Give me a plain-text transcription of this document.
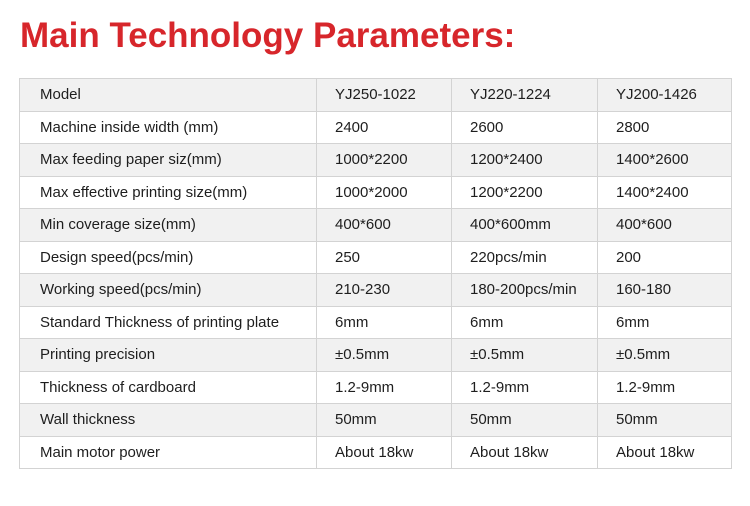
Main Technology Parameters:
Model	YJ250-1022	YJ220-1224	YJ200-1426
Machine inside width (mm)	2400	2600	2800
Max feeding paper siz(mm)	1000*2200	1200*2400	1400*2600
Max effective printing size(mm)	1000*2000	1200*2200	1400*2400
Min coverage size(mm)	400*600	400*600mm	400*600
Design speed(pcs/min)	250	220pcs/min	200
Working speed(pcs/min)	210-230	180-200pcs/min	160-180
Standard Thickness of printing plate	6mm	6mm	6mm
Printing precision	±0.5mm	±0.5mm	±0.5mm
Thickness of cardboard	1.2-9mm	1.2-9mm	1.2-9mm
Wall thickness	50mm	50mm	50mm
Main motor power	About 18kw	About 18kw	About 18kw
